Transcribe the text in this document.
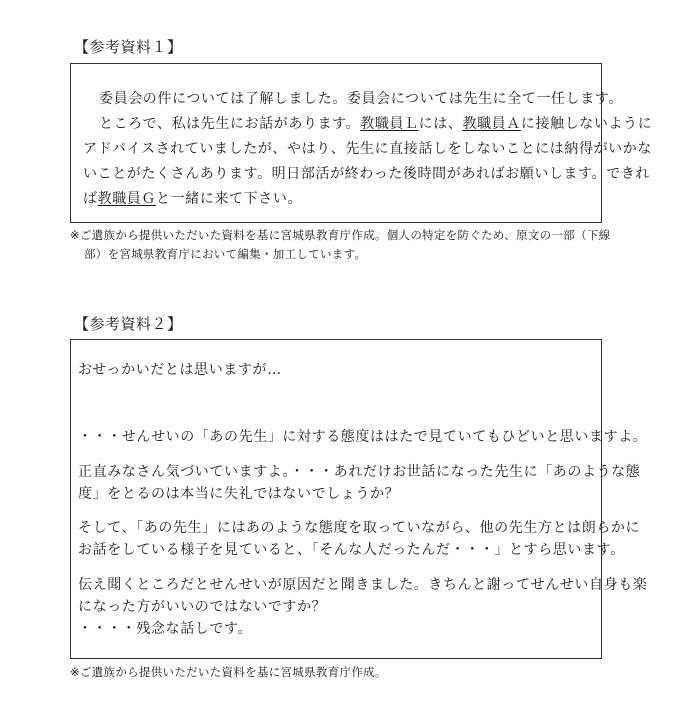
【参考資料１】
委員会の件については了解しました。委員会については先生に全て一任します。
ところで、私は先生にお話があります。教職員Ｌには、教職員Ａに接触しないように
アドバイスされていましたが、やはり、先生に直接話しをしないことには納得がいかな
いことがたくさんあります。明日部活が終わった後時間があればお願いします。できれ
ば教職員Ｇと一緒に来て下さい。
※ご遺族から提供いただいた資料を基に宮城県教育庁作成。個人の特定を防ぐため、原文の一部（下線
部）を宮城県教育庁において編集・加工しています。
【参考資料２】
おせっかいだとは思いますが…
・・・せんせいの「あの先生」に対する態度ははたで見ていてもひどいと思いますよ。
正直みなさん気づいていますよ。・・・あれだけお世話になった先生に「あのような態
度」をとるのは本当に失礼ではないでしょうか？
そして、「あの先生」にはあのような態度を取っていながら、他の先生方とは朗らかに
お話をしている様子を見ていると、「そんな人だったんだ・・・」とすら思います。
伝え聞くところだとせんせいが原因だと聞きました。きちんと謝ってせんせい自身も楽
になった方がいいのではないですか？
・・・・残念な話しです。
※ご遺族から提供いただいた資料を基に宮城県教育庁作成。
